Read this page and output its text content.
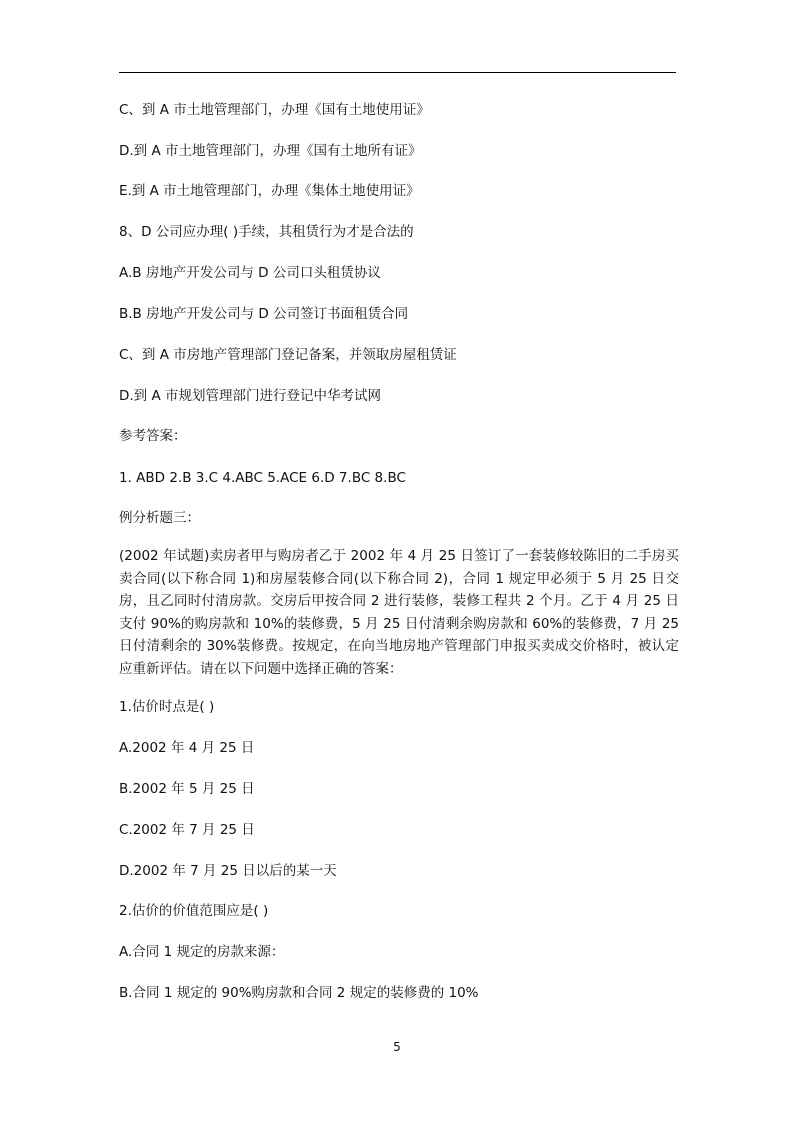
C、到 A 市土地管理部门，办理《国有土地使用证》
D.到 A 市土地管理部门，办理《国有土地所有证》
E.到 A 市土地管理部门，办理《集体土地使用证》
8、D 公司应办理( )手续，其租赁行为才是合法的
A.B 房地产开发公司与 D 公司口头租赁协议
B.B 房地产开发公司与 D 公司签订书面租赁合同
C、到 A 市房地产管理部门登记备案，并领取房屋租赁证
D.到 A 市规划管理部门进行登记中华考试网
参考答案：
1. ABD 2.B 3.C 4.ABC 5.ACE 6.D 7.BC 8.BC
例分析题三：
(2002 年试题)卖房者甲与购房者乙于 2002 年 4 月 25 日签订了一套装修较陈旧的二手房买卖合同(以下称合同 1)和房屋装修合同(以下称合同 2)，合同 1 规定甲必须于 5 月 25 日交房，且乙同时付清房款。交房后甲按合同 2 进行装修，装修工程共 2 个月。乙于 4 月 25 日支付 90%的购房款和 10%的装修费，5 月 25 日付清剩余购房款和 60%的装修费，7 月 25 日付清剩余的 30%装修费。按规定，在向当地房地产管理部门申报买卖成交价格时，被认定应重新评估。请在以下问题中选择正确的答案：
1.估价时点是( )
A.2002 年 4 月 25 日
B.2002 年 5 月 25 日
C.2002 年 7 月 25 日
D.2002 年 7 月 25 日以后的某一天
2.估价的价值范围应是( )
A.合同 1 规定的房款来源：
B.合同 1 规定的 90%购房款和合同 2 规定的装修费的 10%
5
